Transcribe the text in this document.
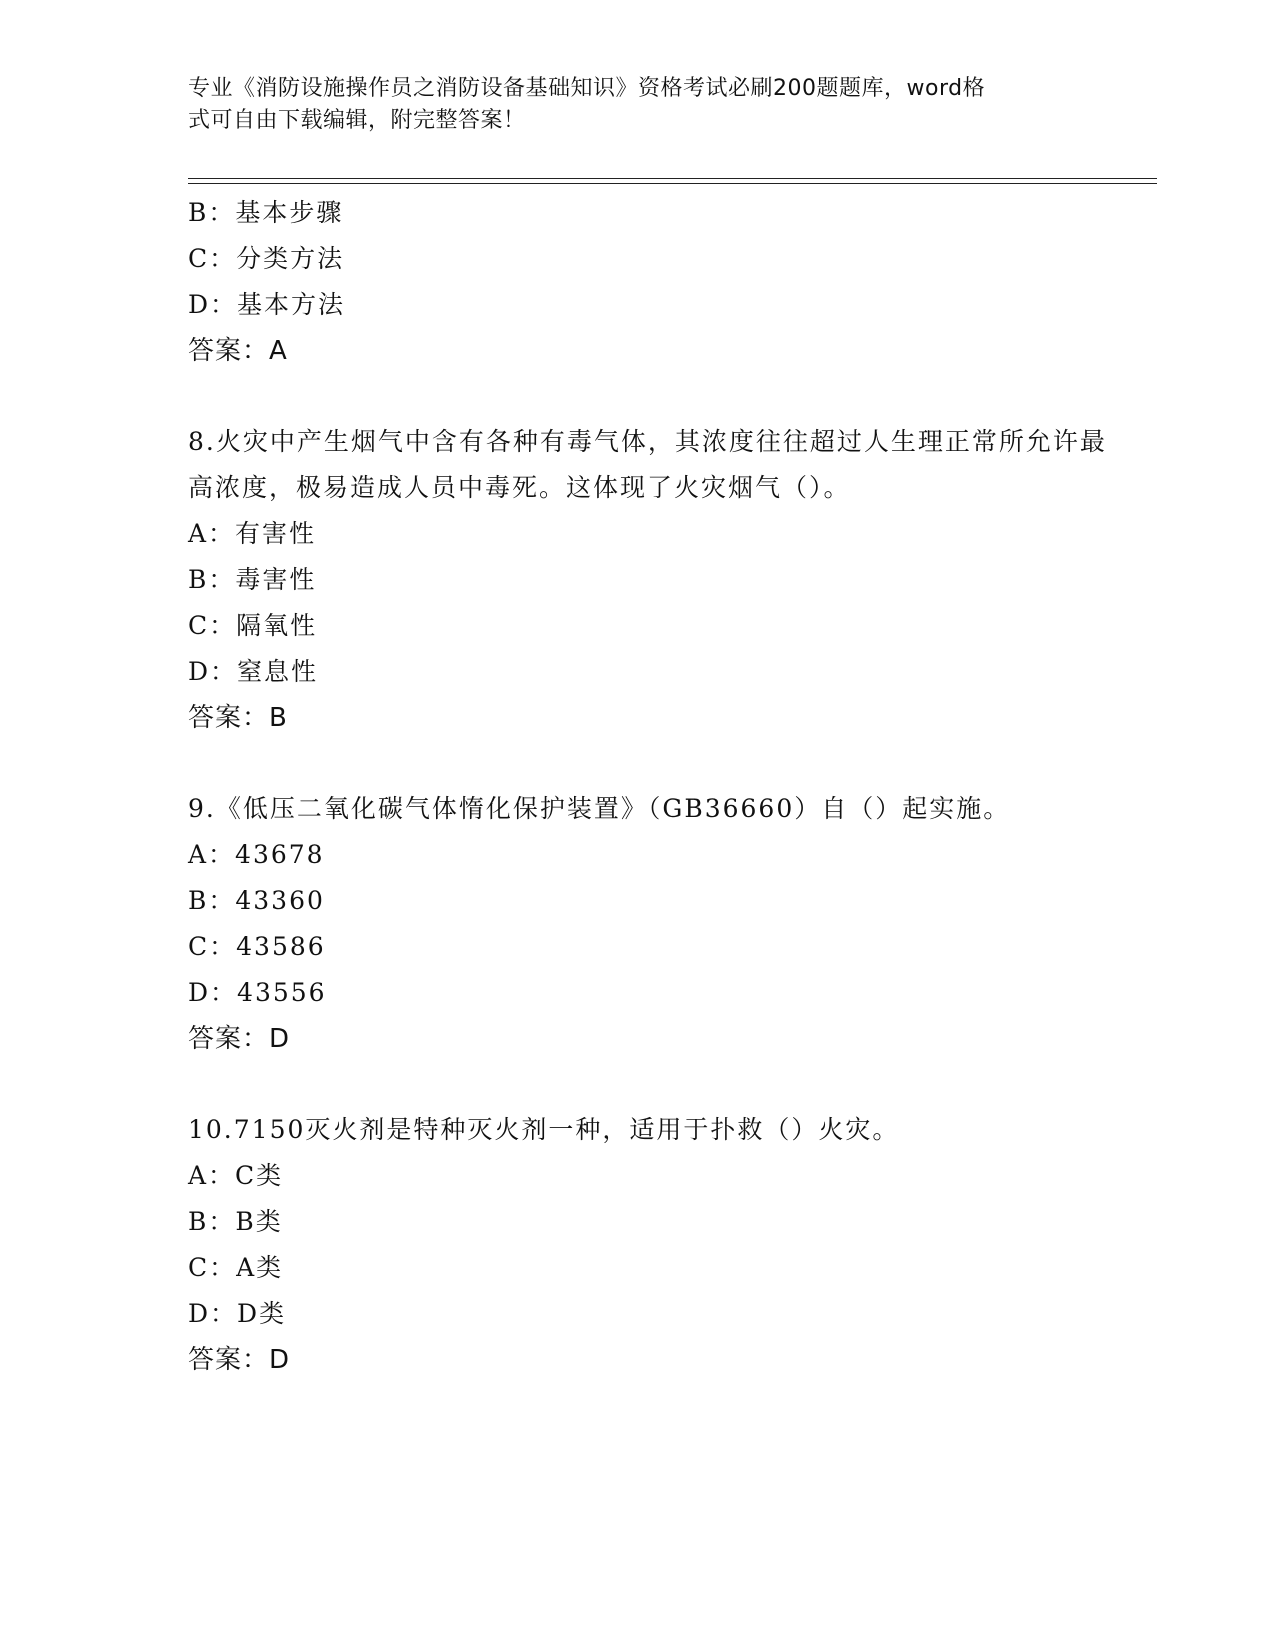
专业《消防设施操作员之消防设备基础知识》资格考试必刷200题题库，word格
式可自由下载编辑，附完整答案！
B：基本步骤
C：分类方法
D：基本方法
答案：A
8.火灾中产生烟气中含有各种有毒气体，其浓度往往超过人生理正常所允许最高浓度，极易造成人员中毒死。这体现了火灾烟气（）。
A：有害性
B：毒害性
C：隔氧性
D：窒息性
答案：B
9.《低压二氧化碳气体惰化保护装置》（GB36660）自（）起实施。
A：43678
B：43360
C：43586
D：43556
答案：D
10.7150灭火剂是特种灭火剂一种，适用于扑救（）火灾。
A：C类
B：B类
C：A类
D：D类
答案：D
